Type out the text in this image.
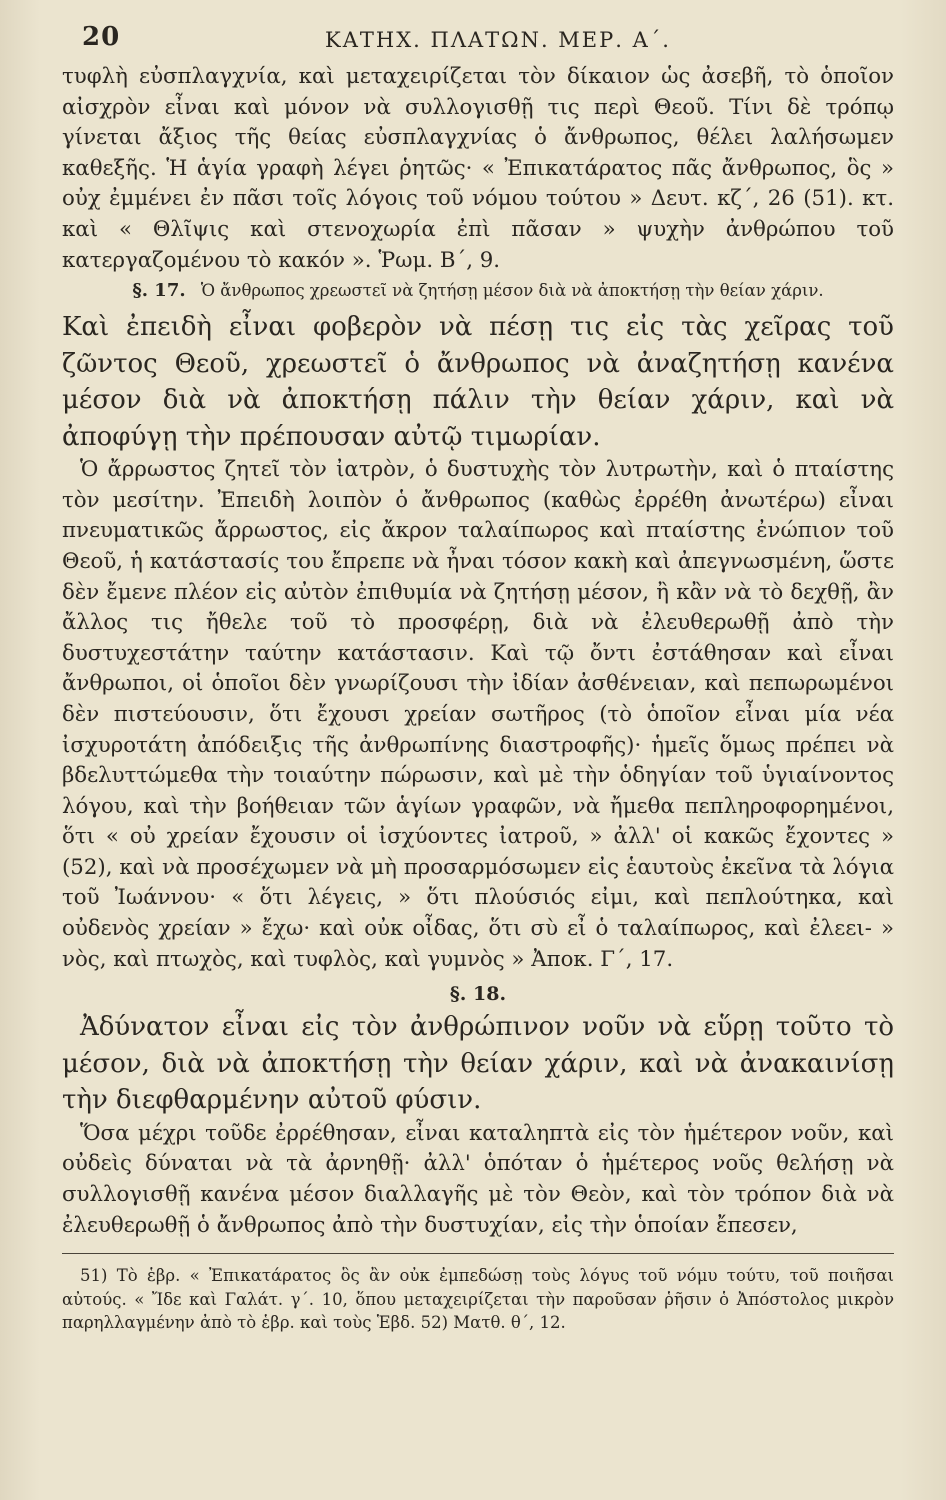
20	ΚΑΤΗΧ. ΠΛΑΤΩΝ. ΜΕΡ. Α΄.

τυφλὴ εὐσπλαγχνία, καὶ μεταχειρίζεται τὸν δίκαιον ὡς ἀσεβῆ, τὸ ὁποῖον αἰσχρὸν εἶναι καὶ μόνον νὰ συλλογισθῇ τις περὶ Θεοῦ. Τίνι δὲ τρόπῳ γίνεται ἄξιος τῆς θείας εὐσπλαγχνίας ὁ ἄνθρωπος, θέλει λαλήσωμεν καθεξῆς. Ἡ ἁγία γραφὴ λέγει ῥητῶς· « Ἐπικατάρατος πᾶς ἄνθρωπος, ὃς » οὐχ ἐμμένει ἐν πᾶσι τοῖς λόγοις τοῦ νόμου τούτου » Δευτ. κζ΄, 26 (51). κτ. καὶ « Θλῖψις καὶ στενοχωρία ἐπὶ πᾶσαν » ψυχὴν ἀνθρώπου τοῦ κατεργαζομένου τὸ κακόν ». Ῥωμ. Β΄, 9.

§. 17. Ὁ ἄνθρωπος χρεωστεῖ νὰ ζητήσῃ μέσον διὰ νὰ ἀποκτήσῃ τὴν θείαν χάριν.

Καὶ ἐπειδὴ εἶναι φοβερὸν νὰ πέσῃ τις εἰς τὰς χεῖρας τοῦ ζῶντος Θεοῦ, χρεωστεῖ ὁ ἄνθρωπος νὰ ἀναζητήσῃ κανένα μέσον διὰ νὰ ἀποκτήσῃ πάλιν τὴν θείαν χάριν, καὶ νὰ ἀποφύγῃ τὴν πρέπουσαν αὐτῷ τιμωρίαν.

Ὁ ἄρρωστος ζητεῖ τὸν ἰατρὸν, ὁ δυστυχὴς τὸν λυτρωτὴν, καὶ ὁ πταίστης τὸν μεσίτην. Ἐπειδὴ λοιπὸν ὁ ἄνθρωπος (καθὼς ἐρρέθη ἀνωτέρω) εἶναι πνευματικῶς ἄρρωστος, εἰς ἄκρον ταλαίπωρος καὶ πταίστης ἐνώπιον τοῦ Θεοῦ, ἡ κατάστασίς του ἔπρεπε νὰ ἦναι τόσον κακὴ καὶ ἀπεγνωσμένη, ὥστε δὲν ἔμενε πλέον εἰς αὐτὸν ἐπιθυμία νὰ ζητήσῃ μέσον, ἢ κἂν νὰ τὸ δεχθῇ, ἂν ἄλλος τις ἤθελε τοῦ τὸ προσφέρῃ, διὰ νὰ ἐλευθερωθῇ ἀπὸ τὴν δυστυχεστάτην ταύτην κατάστασιν. Καὶ τῷ ὄντι ἐστάθησαν καὶ εἶναι ἄνθρωποι, οἱ ὁποῖοι δὲν γνωρίζουσι τὴν ἰδίαν ἀσθένειαν, καὶ πεπωρωμένοι δὲν πιστεύουσιν, ὅτι ἔχουσι χρείαν σωτῆρος (τὸ ὁποῖον εἶναι μία νέα ἰσχυροτάτη ἀπόδειξις τῆς ἀνθρωπίνης διαστροφῆς)· ἡμεῖς ὅμως πρέπει νὰ βδελυττώμεθα τὴν τοιαύτην πώρωσιν, καὶ μὲ τὴν ὁδηγίαν τοῦ ὑγιαίνοντος λόγου, καὶ τὴν βοήθειαν τῶν ἁγίων γραφῶν, νὰ ἤμεθα πεπληροφορημένοι, ὅτι « οὐ χρείαν ἔχουσιν οἱ ἰσχύοντες ἰατροῦ, » ἀλλ' οἱ κακῶς ἔχοντες » (52), καὶ νὰ προσέχωμεν νὰ μὴ προσαρμόσωμεν εἰς ἑαυτοὺς ἐκεῖνα τὰ λόγια τοῦ Ἰωάννου· « ὅτι λέγεις, » ὅτι πλούσιός εἰμι, καὶ πεπλούτηκα, καὶ οὐδενὸς χρείαν » ἔχω· καὶ οὐκ οἶδας, ὅτι σὺ εἶ ὁ ταλαίπωρος, καὶ ἐλεει- » νὸς, καὶ πτωχὸς, καὶ τυφλὸς, καὶ γυμνὸς » Ἀποκ. Γ΄, 17.

§. 18.

Ἀδύνατον εἶναι εἰς τὸν ἀνθρώπινον νοῦν νὰ εὕρῃ τοῦτο τὸ μέσον, διὰ νὰ ἀποκτήσῃ τὴν θείαν χάριν, καὶ νὰ ἀνακαινίσῃ τὴν διεφθαρμένην αὐτοῦ φύσιν.

Ὅσα μέχρι τοῦδε ἐρρέθησαν, εἶναι καταληπτὰ εἰς τὸν ἡμέτερον νοῦν, καὶ οὐδεὶς δύναται νὰ τὰ ἀρνηθῇ· ἀλλ' ὁπόταν ὁ ἡμέτερος νοῦς θελήσῃ νὰ συλλογισθῇ κανένα μέσον διαλλαγῆς μὲ τὸν Θεὸν, καὶ τὸν τρόπον διὰ νὰ ἐλευθερωθῇ ὁ ἄνθρωπος ἀπὸ τὴν δυστυχίαν, εἰς τὴν ὁποίαν ἔπεσεν,

51) Τὸ ἑβρ. « Ἐπικατάρατος ὃς ἂν οὐκ ἐμπεδώσῃ τοὺς λόγυς τοῦ νόμυ τούτυ, τοῦ ποιῆσαι αὐτούς. « Ἴδε καὶ Γαλάτ. γ΄. 10, ὅπου μεταχειρίζεται τὴν παροῦσαν ῥῆσιν ὁ Ἀπόστολος μικρὸν παρηλλαγμένην ἀπὸ τὸ ἑβρ. καὶ τοὺς Ἑβδ. 52) Ματθ. θ΄, 12.
